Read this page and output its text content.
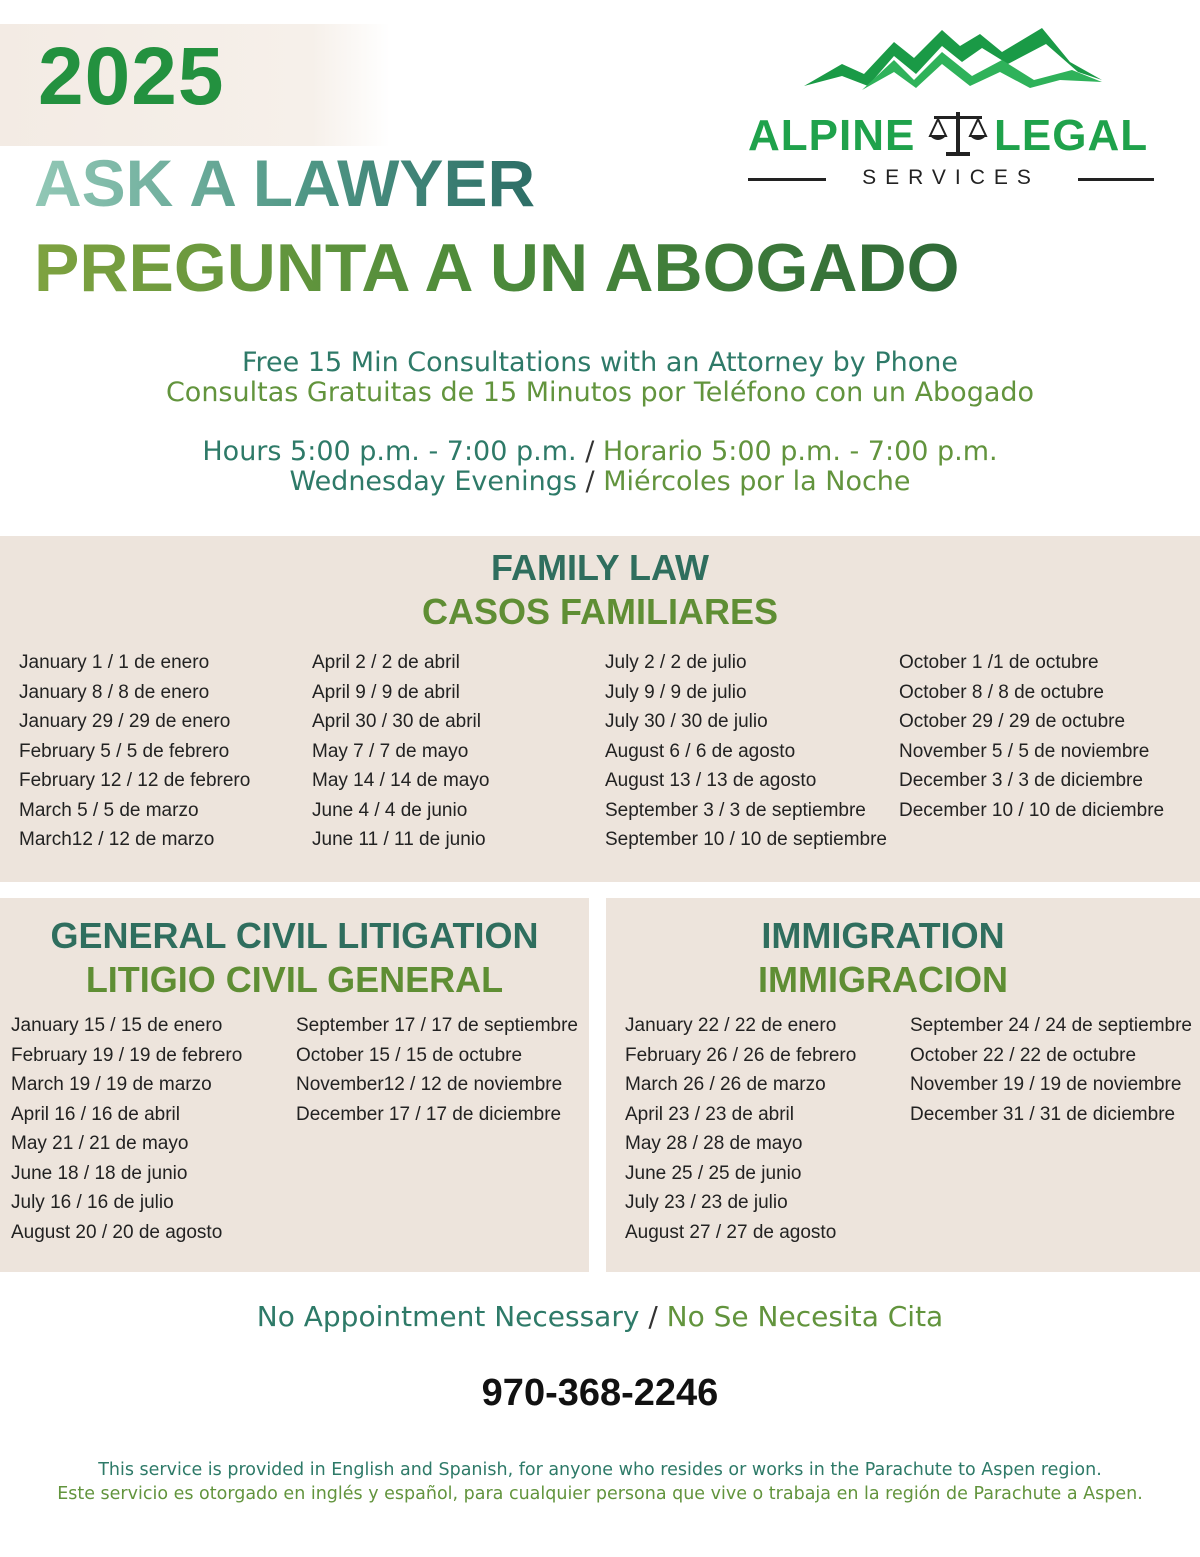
2025
ASK A LAWYER
PREGUNTA A UN ABOGADO
ALPINE LEGAL
SERVICES
Free 15 Min Consultations with an Attorney by Phone
Consultas Gratuitas de 15 Minutos por Teléfono con un Abogado
Hours 5:00 p.m. - 7:00 p.m. / Horario 5:00 p.m. - 7:00 p.m.
Wednesday Evenings / Miércoles por la Noche
FAMILY LAW
CASOS FAMILIARES
January 1 / 1 de enero
January 8 / 8 de enero
January 29 / 29 de enero
February 5 / 5 de febrero
February 12 / 12 de febrero
March 5 / 5 de marzo
March12 / 12 de marzo
April 2 / 2 de abril
April 9 / 9 de abril
April 30 / 30 de abril
May 7 / 7 de mayo
May 14 / 14 de mayo
June 4 / 4 de junio
June 11 / 11 de junio
July 2 / 2 de julio
July 9 / 9 de julio
July 30 / 30 de julio
August 6 / 6 de agosto
August 13 / 13 de agosto
September 3 / 3 de septiembre
September 10 / 10 de septiembre
October 1 /1 de octubre
October 8 / 8 de octubre
October 29 / 29 de octubre
November 5 / 5 de noviembre
December 3 / 3 de diciembre
December 10 / 10 de diciembre
GENERAL CIVIL LITIGATION
LITIGIO CIVIL GENERAL
January 15 / 15 de enero
February 19 / 19 de febrero
March 19 / 19 de marzo
April 16 / 16 de abril
May 21 / 21 de mayo
June 18 / 18 de junio
July 16 / 16 de julio
August 20 / 20 de agosto
September 17 / 17 de septiembre
October 15 / 15 de octubre
November12 / 12 de noviembre
December 17 / 17 de diciembre
IMMIGRATION
IMMIGRACION
January 22 / 22 de enero
February 26 / 26 de febrero
March 26 / 26 de marzo
April 23 / 23 de abril
May 28 / 28 de mayo
June 25 / 25 de junio
July 23 / 23 de julio
August 27 / 27 de agosto
September 24 / 24 de septiembre
October 22 / 22 de octubre
November 19 / 19 de noviembre
December 31 / 31 de diciembre
No Appointment Necessary / No Se Necesita Cita
970-368-2246
This service is provided in English and Spanish, for anyone who resides or works in the Parachute to Aspen region.
Este servicio es otorgado en inglés y español, para cualquier persona que vive o trabaja en la región de Parachute a Aspen.
